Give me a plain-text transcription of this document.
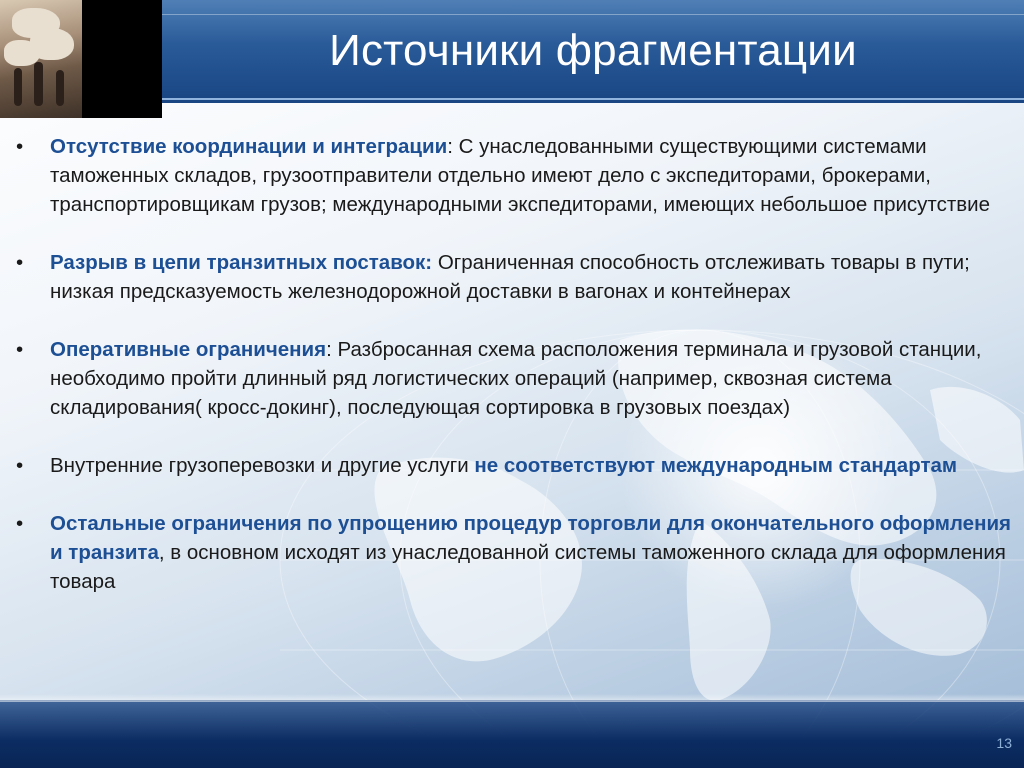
Источники фрагментации
•	Отсутствие координации и интеграции: С унаследованными существующими системами таможенных складов, грузоотправители отдельно имеют дело с экспедиторами, брокерами, транспортировщикам грузов; международными экспедиторами, имеющих небольшое присутствие
•	Разрыв в цепи транзитных поставок: Ограниченная способность отслеживать товары в пути; низкая предсказуемость железнодорожной доставки в вагонах и контейнерах
•	Оперативные ограничения: Разбросанная схема расположения терминала и грузовой станции, необходимо пройти длинный ряд логистических операций (например, сквозная система складирования( кросс-докинг), последующая сортировка в грузовых поездах)
•	Внутренние грузоперевозки и другие услуги не соответствуют международным стандартам
•	Остальные ограничения по упрощению процедур торговли для окончательного оформления и транзита, в основном исходят из унаследованной системы таможенного склада для оформления товара
13
